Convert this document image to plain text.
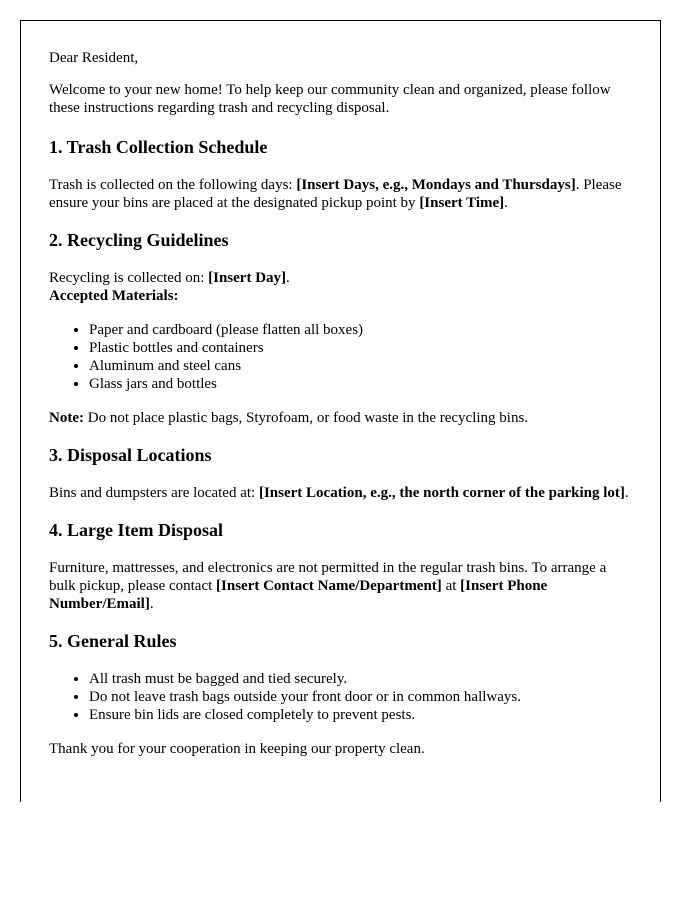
Dear Resident,

Welcome to your new home! To help keep our community clean and organized, please follow these instructions regarding trash and recycling disposal.

1. Trash Collection Schedule

Trash is collected on the following days: [Insert Days, e.g., Mondays and Thursdays]. Please ensure your bins are placed at the designated pickup point by [Insert Time].

2. Recycling Guidelines

Recycling is collected on: [Insert Day].

Accepted Materials:

• Paper and cardboard (please flatten all boxes)
• Plastic bottles and containers
• Aluminum and steel cans
• Glass jars and bottles

Note: Do not place plastic bags, Styrofoam, or food waste in the recycling bins.

3. Disposal Locations

Bins and dumpsters are located at: [Insert Location, e.g., the north corner of the parking lot].

4. Large Item Disposal

Furniture, mattresses, and electronics are not permitted in the regular trash bins. To arrange a bulk pickup, please contact [Insert Contact Name/Department] at [Insert Phone Number/Email].

5. General Rules
• All trash must be bagged and tied securely.
• Do not leave trash bags outside your front door or in common hallways.
• Ensure bin lids are closed completely to prevent pests.

Thank you for your cooperation in keeping our property clean.
